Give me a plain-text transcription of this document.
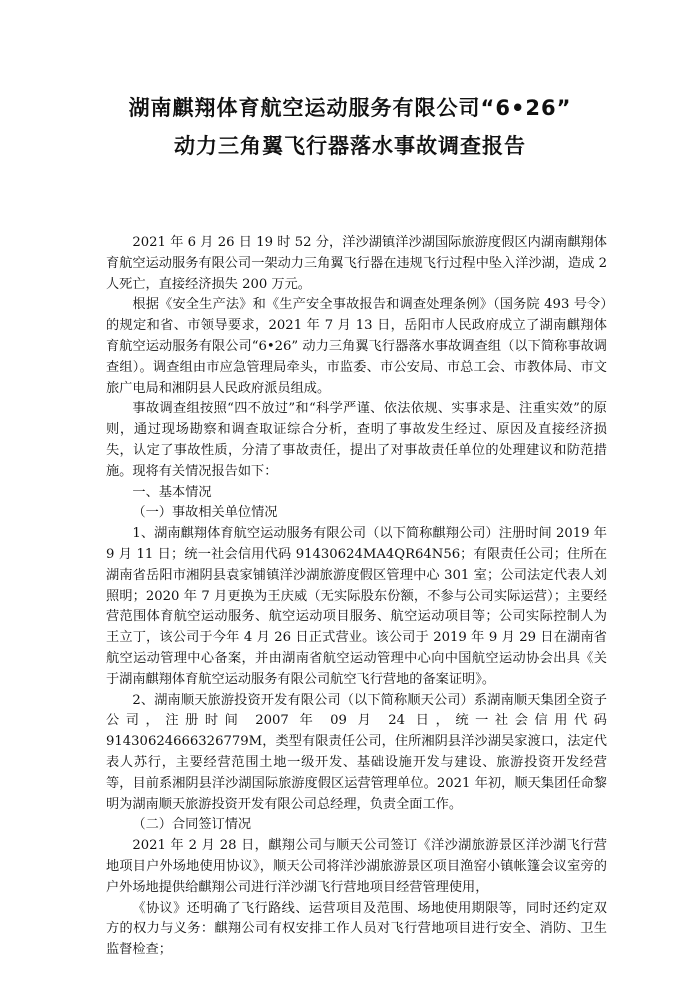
湖南麒翔体育航空运动服务有限公司“6•26”
动力三角翼飞行器落水事故调查报告

2021 年 6 月 26 日 19 时 52 分，洋沙湖镇洋沙湖国际旅游度假区内湖南麒翔体育航空运动服务有限公司一架动力三角翼飞行器在违规飞行过程中坠入洋沙湖，造成 2 人死亡，直接经济损失 200 万元。

根据《安全生产法》和《生产安全事故报告和调查处理条例》（国务院 493 号令）的规定和省、市领导要求，2021 年 7 月 13 日，岳阳市人民政府成立了湖南麒翔体育航空运动服务有限公司“6•26” 动力三角翼飞行器落水事故调查组（以下简称事故调查组）。调查组由市应急管理局牵头，市监委、市公安局、市总工会、市教体局、市文旅广电局和湘阴县人民政府派员组成。

事故调查组按照“四不放过”和“科学严谨、依法依规、实事求是、注重实效”的原则，通过现场勘察和调查取证综合分析，查明了事故发生经过、原因及直接经济损失，认定了事故性质，分清了事故责任，提出了对事故责任单位的处理建议和防范措施。现将有关情况报告如下：

一、基本情况

（一）事故相关单位情况

1、湖南麒翔体育航空运动服务有限公司（以下简称麒翔公司）注册时间 2019 年 9 月 11 日；统一社会信用代码 91430624MA4QR64N56；有限责任公司；住所在湖南省岳阳市湘阴县袁家铺镇洋沙湖旅游度假区管理中心 301 室；公司法定代表人刘照明；2020 年 7 月更换为王庆威（无实际股东份额，不参与公司实际运营）；主要经营范围体育航空运动服务、航空运动项目服务、航空运动项目等；公司实际控制人为王立丁，该公司于今年 4 月 26 日正式营业。该公司于 2019 年 9 月 29 日在湖南省航空运动管理中心备案，并由湖南省航空运动管理中心向中国航空运动协会出具《关于湖南麒翔体育航空运动服务有限公司航空飞行营地的备案证明》。

2、湖南顺天旅游投资开发有限公司（以下简称顺天公司）系湖南顺天集团全资子公司，注册时间 2007 年 09 月 24 日，统一社会信用代码 91430624666326779M，类型有限责任公司，住所湘阴县洋沙湖吴家渡口，法定代表人苏行，主要经营范围土地一级开发、基础设施开发与建设、旅游投资开发经营等，目前系湘阴县洋沙湖国际旅游度假区运营管理单位。2021 年初，顺天集团任命黎明为湖南顺天旅游投资开发有限公司总经理，负责全面工作。

（二）合同签订情况

2021 年 2 月 28 日，麒翔公司与顺天公司签订《洋沙湖旅游景区洋沙湖飞行营地项目户外场地使用协议》，顺天公司将洋沙湖旅游景区项目渔窑小镇帐篷会议室旁的户外场地提供给麒翔公司进行洋沙湖飞行营地项目经营管理使用，

《协议》还明确了飞行路线、运营项目及范围、场地使用期限等，同时还约定双方的权力与义务：麒翔公司有权安排工作人员对飞行营地项目进行安全、消防、卫生监督检查；
